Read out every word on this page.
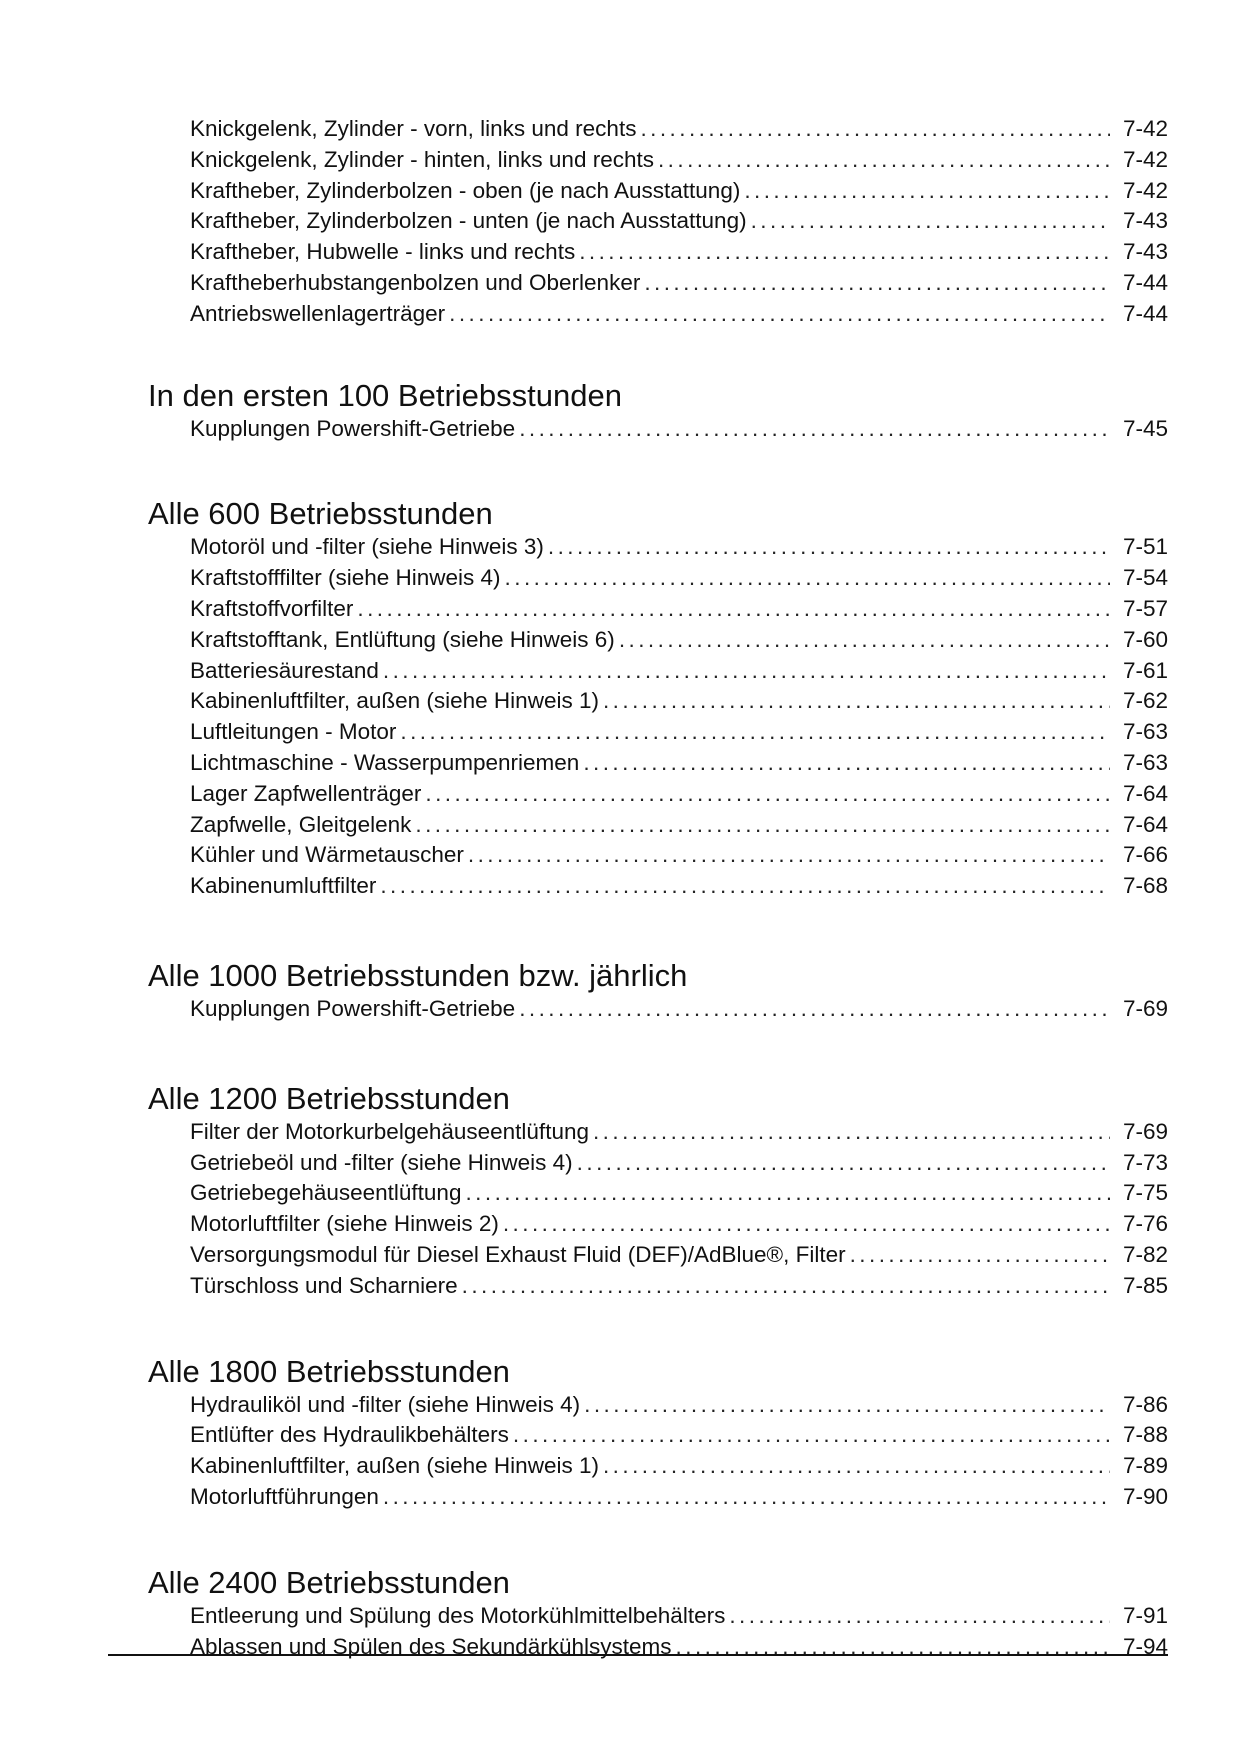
Knickgelenk, Zylinder - vorn, links und rechts . . .	7-42
Knickgelenk, Zylinder - hinten, links und rechts . . .	7-42
Kraftheber, Zylinderbolzen - oben (je nach Ausstattung) . . .	7-42
Kraftheber, Zylinderbolzen - unten (je nach Ausstattung) . . .	7-43
Kraftheber, Hubwelle - links und rechts . . .	7-43
Kraftheberhubstangenbolzen und Oberlenker . . .	7-44
Antriebswellenlagerträger . . .	7-44
In den ersten 100 Betriebsstunden
Kupplungen Powershift-Getriebe . . .	7-45
Alle 600 Betriebsstunden
Motoröl und -filter (siehe Hinweis 3) . . .	7-51
Kraftstofffilter (siehe Hinweis 4) . . .	7-54
Kraftstoffvorfilter . . .	7-57
Kraftstofftank, Entlüftung (siehe Hinweis 6) . . .	7-60
Batteriesäurestand . . .	7-61
Kabinenluftfilter, außen (siehe Hinweis 1) . . .	7-62
Luftleitungen - Motor . . .	7-63
Lichtmaschine - Wasserpumpenriemen . . .	7-63
Lager Zapfwellenträger . . .	7-64
Zapfwelle, Gleitgelenk . . .	7-64
Kühler und Wärmetauscher . . .	7-66
Kabinenumluftfilter . . .	7-68
Alle 1000 Betriebsstunden bzw. jährlich
Kupplungen Powershift-Getriebe . . .	7-69
Alle 1200 Betriebsstunden
Filter der Motorkurbelgehäuseentlüftung . . .	7-69
Getriebeöl und -filter (siehe Hinweis 4) . . .	7-73
Getriebegehäuseentlüftung . . .	7-75
Motorluftfilter (siehe Hinweis 2) . . .	7-76
Versorgungsmodul für Diesel Exhaust Fluid (DEF)/AdBlue®, Filter . . .	7-82
Türschloss und Scharniere . . .	7-85
Alle 1800 Betriebsstunden
Hydrauliköl und -filter (siehe Hinweis 4) . . .	7-86
Entlüfter des Hydraulikbehälters . . .	7-88
Kabinenluftfilter, außen (siehe Hinweis 1) . . .	7-89
Motorluftführungen . . .	7-90
Alle 2400 Betriebsstunden
Entleerung und Spülung des Motorkühlmittelbehälters . . .	7-91
Ablassen und Spülen des Sekundärkühlsystems . . .	7-94
